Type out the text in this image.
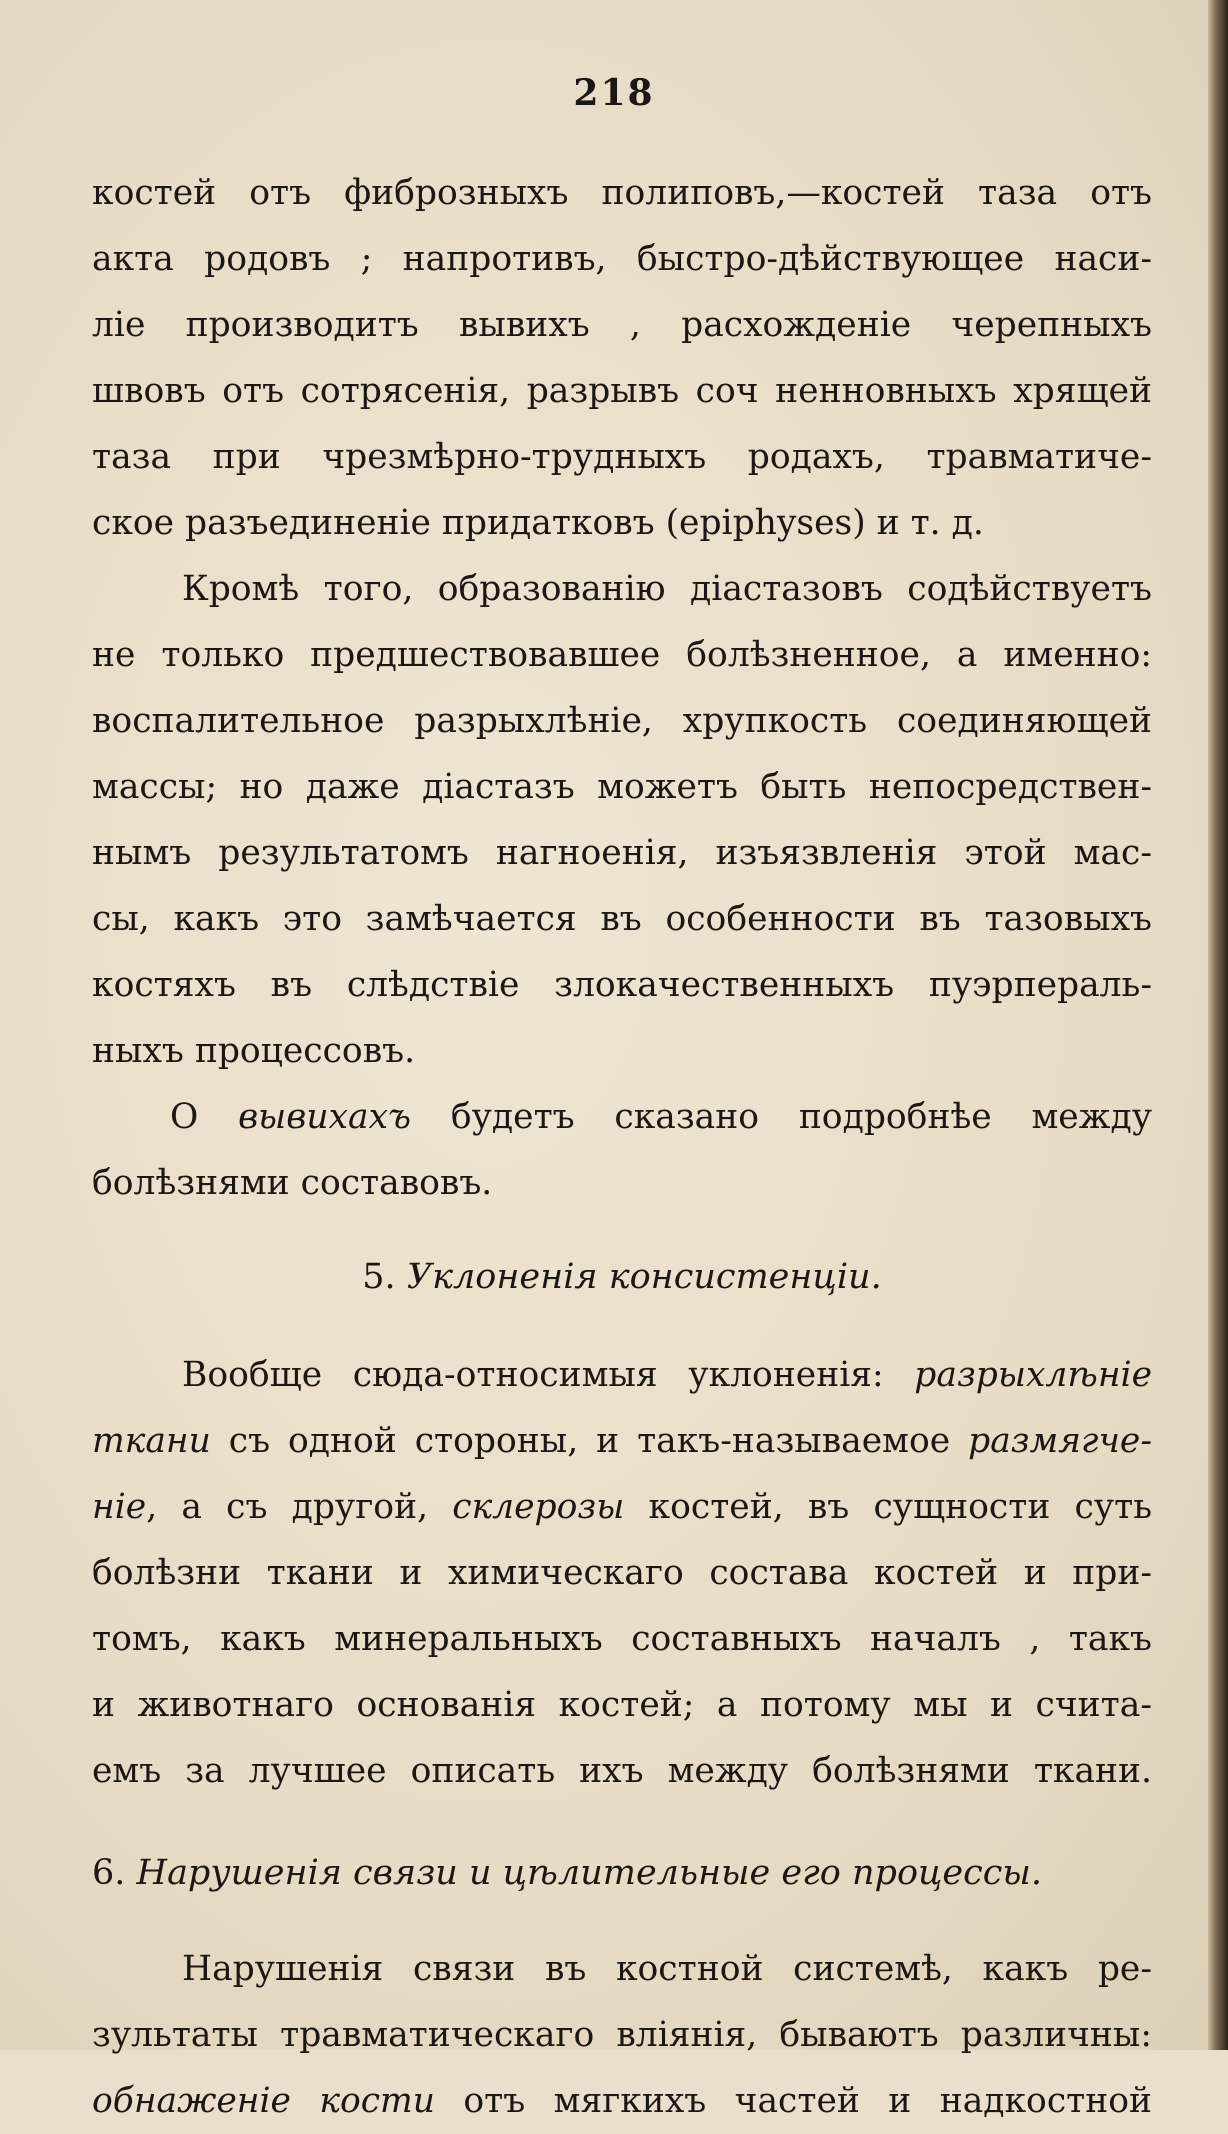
218
костей отъ фиброзныхъ полиповъ,—костей таза отъ
акта родовъ ; напротивъ, быстро-дѣйствующее наси-
лiе производитъ вывихъ , расхожденiе черепныхъ
швовъ отъ сотрясенiя, разрывъ соч ненновныхъ хрящей
таза при чрезмѣрно-трудныхъ родахъ, травматиче-
ское разъединенiе придатковъ (epiphyses) и т. д.
Кромѣ того, образованiю дiастазовъ содѣйствуетъ
не только предшествовавшее болѣзненное, а именно:
воспалительное разрыхлѣнiе, хрупкость соединяющей
массы; но даже дiастазъ можетъ быть непосредствен-
нымъ результатомъ нагноенiя, изъязвленiя этой мас-
сы, какъ это замѣчается въ особенности въ тазовыхъ
костяхъ въ слѣдствiе злокачественныхъ пуэрпераль-
ныхъ процессовъ.
О вывихахъ будетъ сказано подробнѣе между
болѣзнями составовъ.
5. Уклоненiя консистенцiи.
Вообще сюда-относимыя уклоненiя: разрыхлѣнiе
ткани съ одной стороны, и такъ-называемое размягче-
нiе, а съ другой, склерозы костей, въ сущности суть
болѣзни ткани и химическаго состава костей и при-
томъ, какъ минеральныхъ составныхъ началъ , такъ
и животнаго основанiя костей; а потому мы и счита-
емъ за лучшее описать ихъ между болѣзнями ткани.
6. Нарушенiя связи и цѣлительные его процессы.
Нарушенiя связи въ костной системѣ, какъ ре-
зультаты травматическаго влiянiя, бываютъ различны:
обнаженiе кости отъ мягкихъ частей и надкостной
